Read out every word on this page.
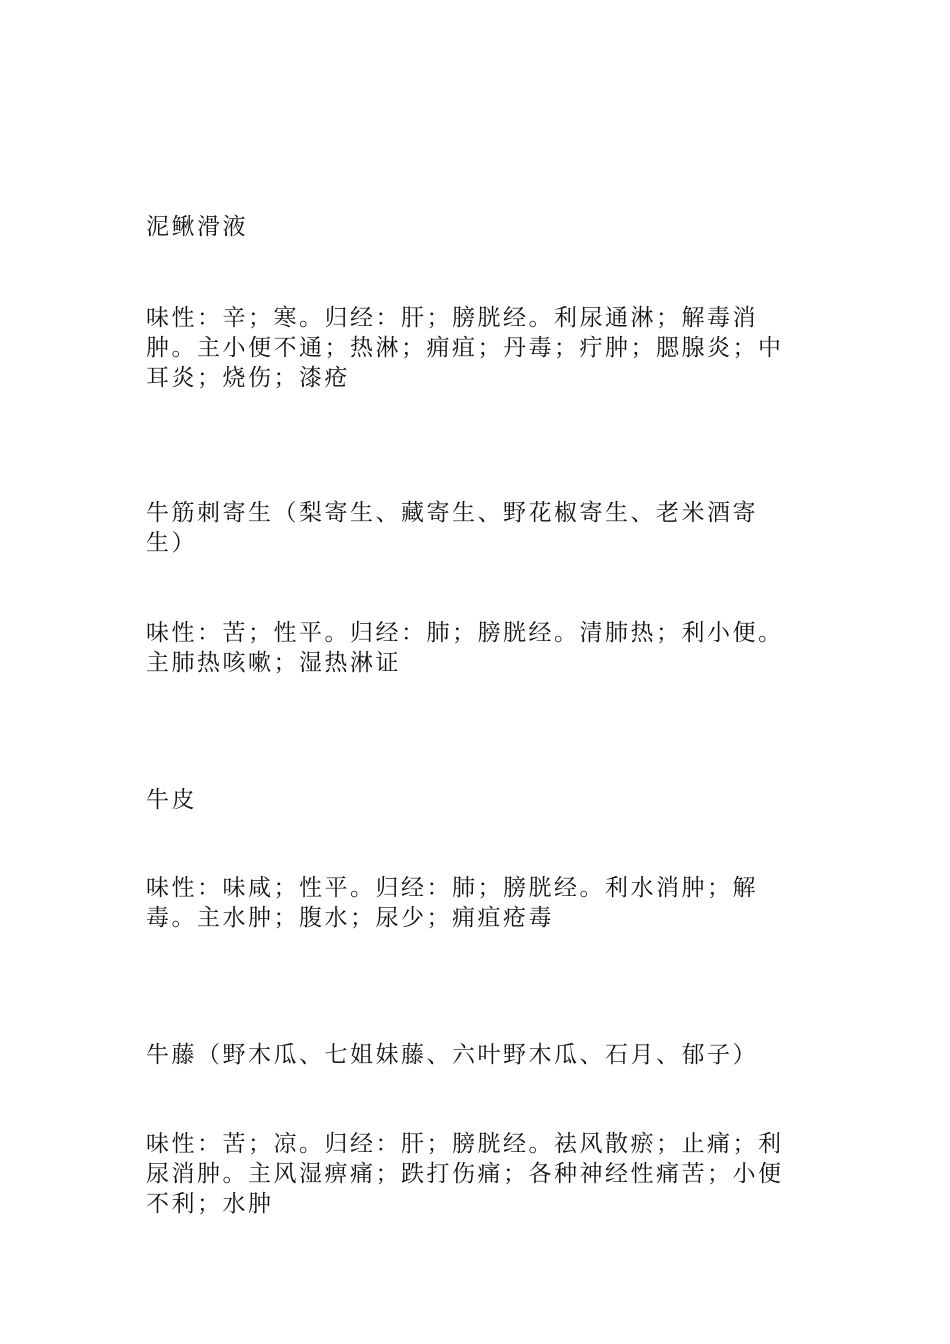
泥鳅滑液

味性：辛；寒。归经：肝；膀胱经。利尿通淋；解毒消肿。主小便不通；热淋；痈疽；丹毒；疔肿；腮腺炎；中耳炎；烧伤；漆疮

牛筋刺寄生（梨寄生、藏寄生、野花椒寄生、老米酒寄生）

味性：苦；性平。归经：肺；膀胱经。清肺热；利小便。主肺热咳嗽；湿热淋证

牛皮

味性：味咸；性平。归经：肺；膀胱经。利水消肿；解毒。主水肿；腹水；尿少；痈疽疮毒

牛藤（野木瓜、七姐妹藤、六叶野木瓜、石月、郁子）

味性：苦；凉。归经：肝；膀胱经。祛风散瘀；止痛；利尿消肿。主风湿痹痛；跌打伤痛；各种神经性痛苦；小便不利；水肿
